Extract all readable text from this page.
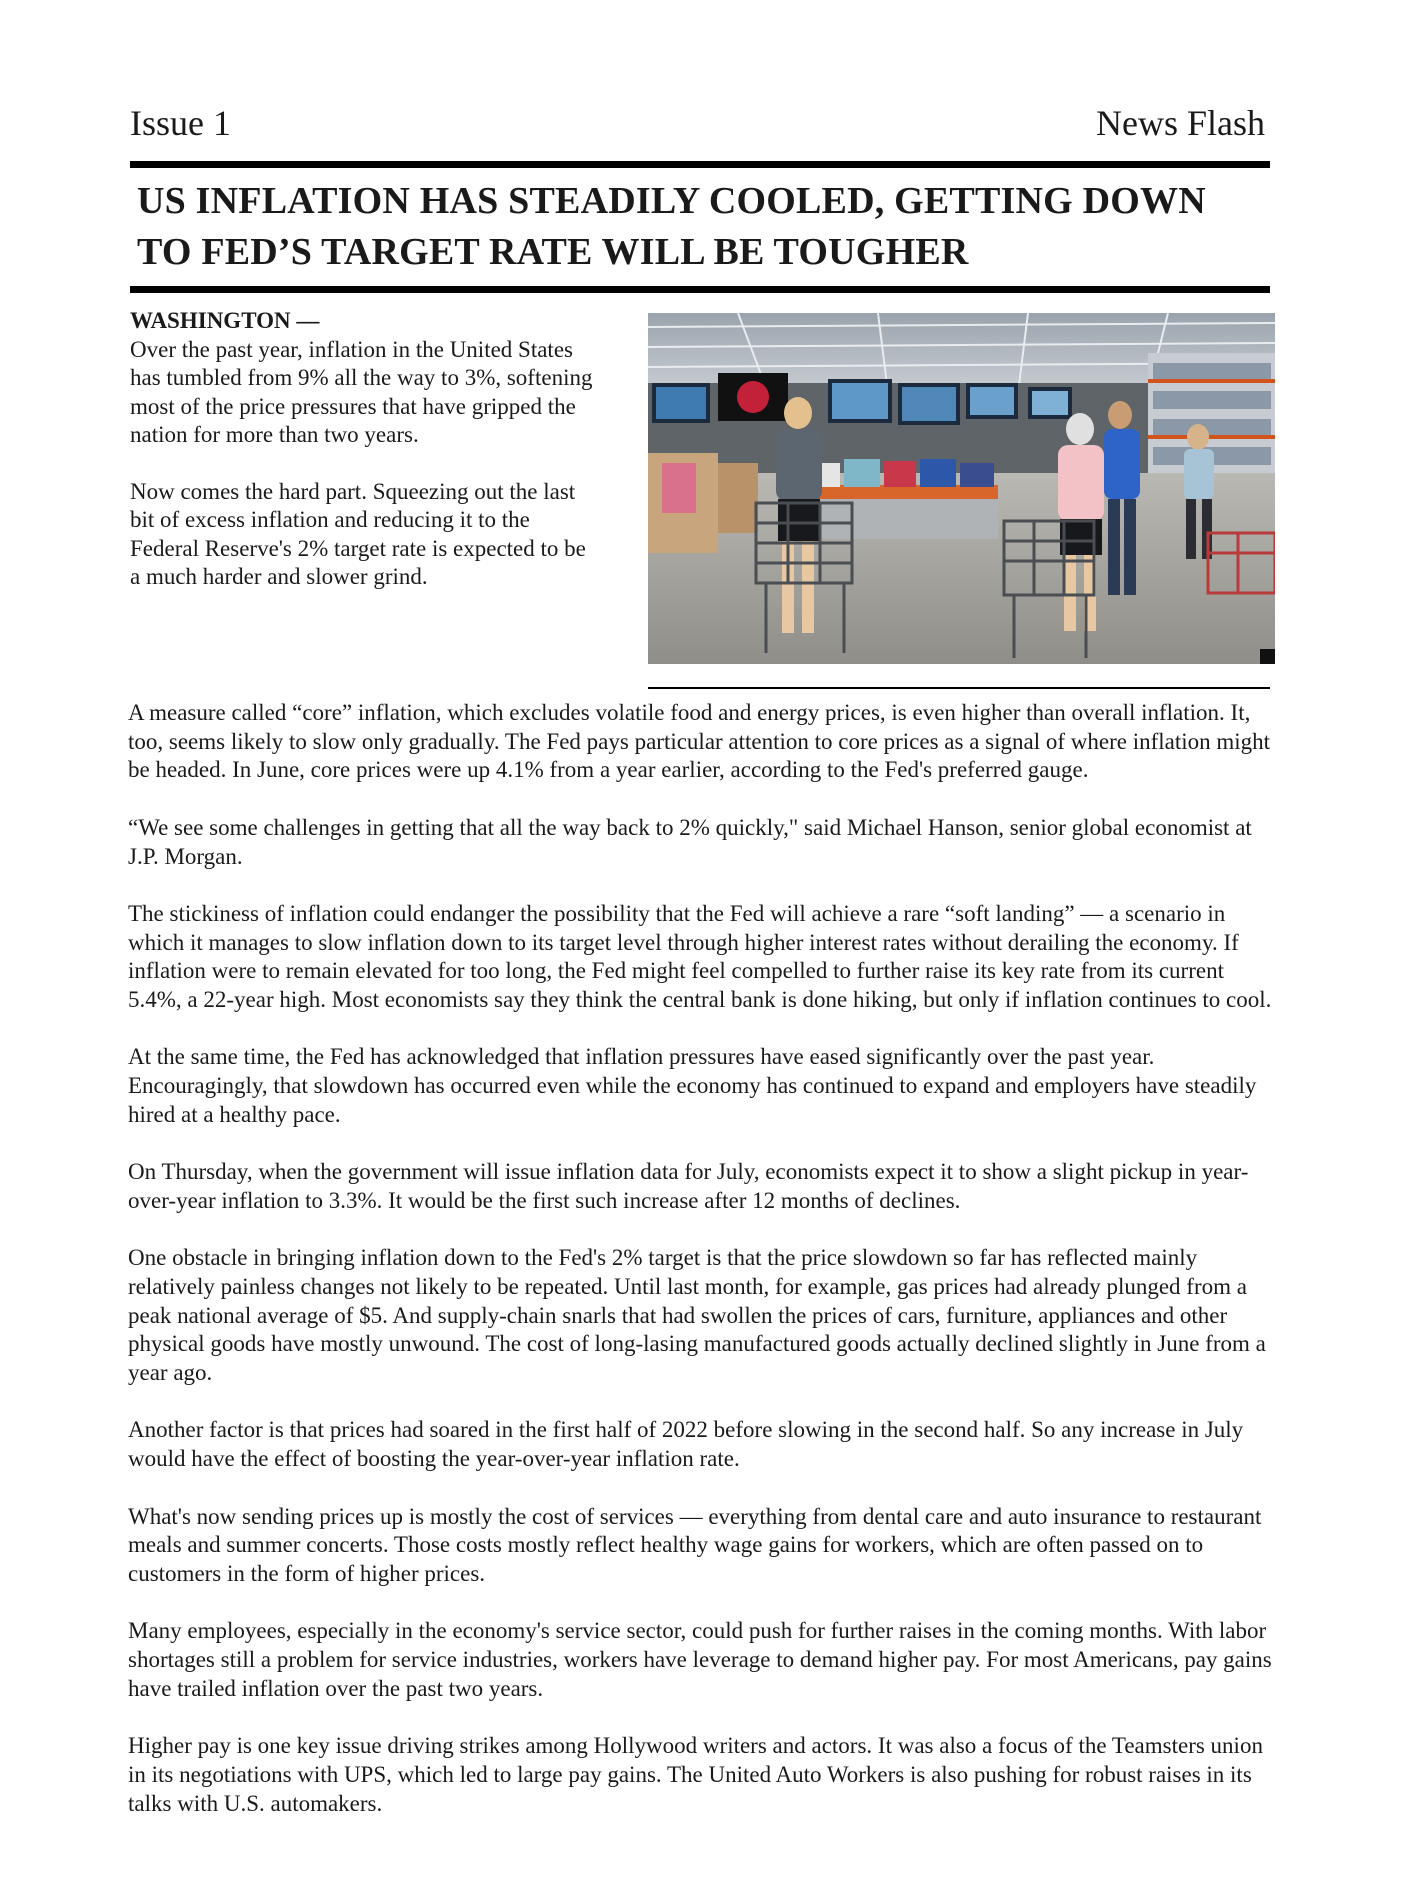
Issue 1	News Flash
US INFLATION HAS STEADILY COOLED, GETTING DOWN TO FED’S TARGET RATE WILL BE TOUGHER
WASHINGTON —

Over the past year, inflation in the United States has tumbled from 9% all the way to 3%, softening most of the price pressures that have gripped the nation for more than two years.

Now comes the hard part. Squeezing out the last bit of excess inflation and reducing it to the Federal Reserve's 2% target rate is expected to be a much harder and slower grind.

A measure called “core” inflation, which excludes volatile food and energy prices, is even higher than overall inflation. It, too, seems likely to slow only gradually. The Fed pays particular attention to core prices as a signal of where inflation might be headed. In June, core prices were up 4.1% from a year earlier, according to the Fed's preferred gauge.

“We see some challenges in getting that all the way back to 2% quickly," said Michael Hanson, senior global economist at J.P. Morgan.

The stickiness of inflation could endanger the possibility that the Fed will achieve a rare “soft landing” — a scenario in which it manages to slow inflation down to its target level through higher interest rates without derailing the economy. If inflation were to remain elevated for too long, the Fed might feel compelled to further raise its key rate from its current 5.4%, a 22-year high. Most economists say they think the central bank is done hiking, but only if inflation continues to cool.

At the same time, the Fed has acknowledged that inflation pressures have eased significantly over the past year. Encouragingly, that slowdown has occurred even while the economy has continued to expand and employers have steadily hired at a healthy pace.

On Thursday, when the government will issue inflation data for July, economists expect it to show a slight pickup in year-over-year inflation to 3.3%. It would be the first such increase after 12 months of declines.

One obstacle in bringing inflation down to the Fed's 2% target is that the price slowdown so far has reflected mainly relatively painless changes not likely to be repeated. Until last month, for example, gas prices had already plunged from a peak national average of $5. And supply-chain snarls that had swollen the prices of cars, furniture, appliances and other physical goods have mostly unwound. The cost of long-lasing manufactured goods actually declined slightly in June from a year ago.

Another factor is that prices had soared in the first half of 2022 before slowing in the second half. So any increase in July would have the effect of boosting the year-over-year inflation rate.

What's now sending prices up is mostly the cost of services — everything from dental care and auto insurance to restaurant meals and summer concerts. Those costs mostly reflect healthy wage gains for workers, which are often passed on to customers in the form of higher prices.

Many employees, especially in the economy's service sector, could push for further raises in the coming months. With labor shortages still a problem for service industries, workers have leverage to demand higher pay. For most Americans, pay gains have trailed inflation over the past two years.

Higher pay is one key issue driving strikes among Hollywood writers and actors. It was also a focus of the Teamsters union in its negotiations with UPS, which led to large pay gains. The United Auto Workers is also pushing for robust raises in its talks with U.S. automakers.
